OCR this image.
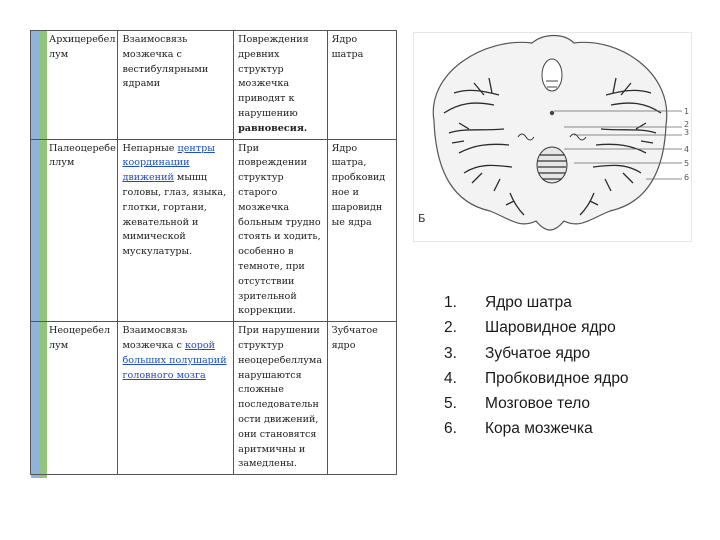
Архицеребел
лум	Взаимосвязь мозжечка с вестибулярными ядрами	Повреждения древних структур мозжечка приводят к нарушению равновесия.	Ядро шатра
Палеоцеребе
ллум	Непарные центры координации движений мышц головы, глаз, языка, глотки, гортани, жевательной и мимической мускулатуры.	При повреждении структур старого мозжечка больным трудно стоять и ходить, особенно в темноте, при отсутствии зрительной коррекции.	Ядро шатра, пробковид ное и шаровидн ые ядра
Неоцеребел
лум	Взаимосвязь мозжечка с корой больших полушарий головного мозга	При нарушении структур неоцеребеллума нарушаются сложные последовательн ости движений, они становятся аритмичны и замедлены.	Зубчатое ядро
1
2
3
4
5
6
Б
1. Ядро шатра
2. Шаровидное ядро
3. Зубчатое ядро
4. Пробковидное ядро
5. Мозговое тело
6. Кора мозжечка
